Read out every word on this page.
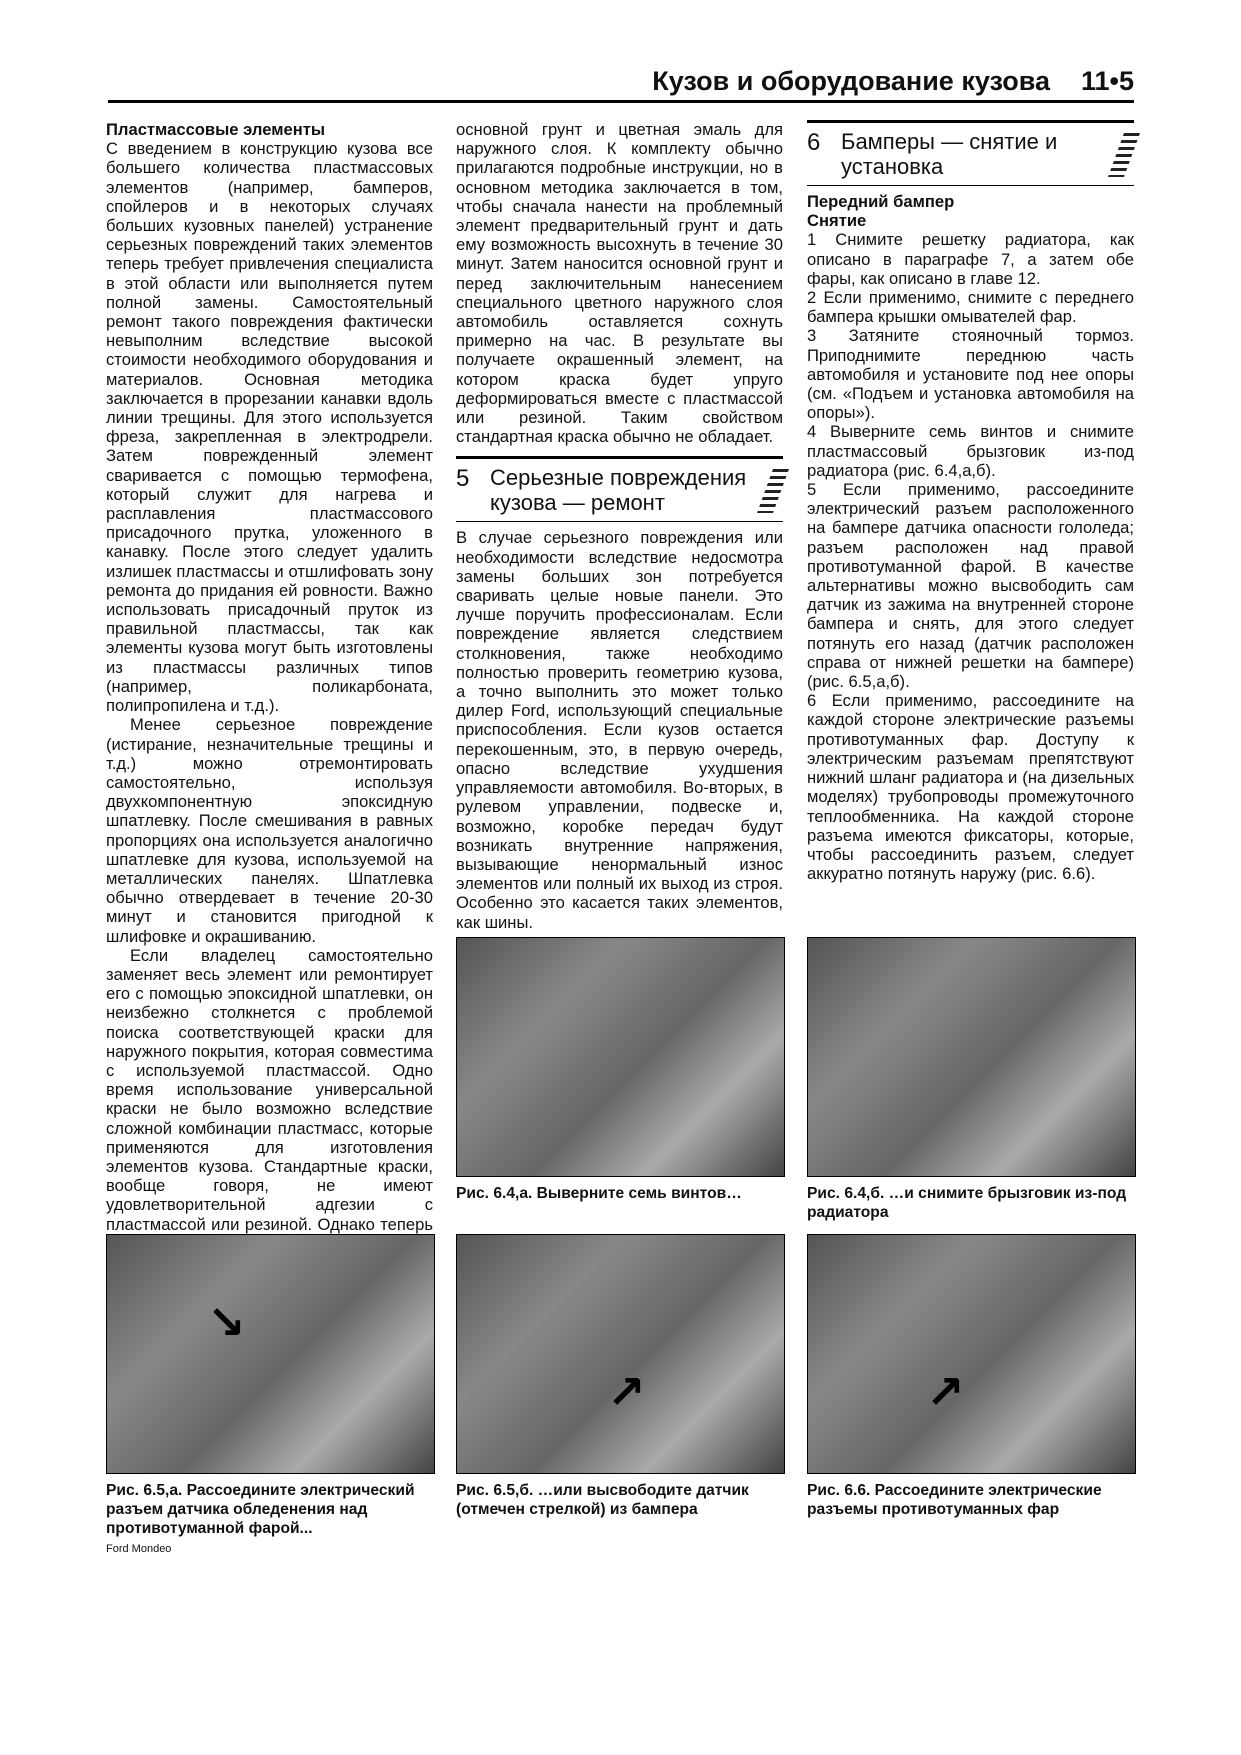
Кузов и оборудование кузова 11•5

Пластмассовые элементы

С введением в конструкцию кузова все большего количества пластмассовых элементов (например, бамперов, спойлеров и в некоторых случаях больших кузовных панелей) устранение серьезных повреждений таких элементов теперь требует привлечения специалиста в этой области или выполняется путем полной замены. Самостоятельный ремонт такого повреждения фактически невыполним вследствие высокой стоимости необходимого оборудования и материалов. Основная методика заключается в прорезании канавки вдоль линии трещины. Для этого используется фреза, закрепленная в электродрели. Затем поврежденный элемент сваривается с помощью термофена, который служит для нагрева и расплавления пластмассового присадочного прутка, уложенного в канавку. После этого следует удалить излишек пластмассы и отшлифовать зону ремонта до придания ей ровности. Важно использовать присадочный пруток из правильной пластмассы, так как элементы кузова могут быть изготовлены из пластмассы различных типов (например, поликарбоната, полипропилена и т.д.).

Менее серьезное повреждение (истирание, незначительные трещины и т.д.) можно отремонтировать самостоятельно, используя двухкомпонентную эпоксидную шпатлевку. После смешивания в равных пропорциях она используется аналогично шпатлевке для кузова, используемой на металлических панелях. Шпатлевка обычно отвердевает в течение 20-30 минут и становится пригодной к шлифовке и окрашиванию.

Если владелец самостоятельно заменяет весь элемент или ремонтирует его с помощью эпоксидной шпатлевки, он неизбежно столкнется с проблемой поиска соответствующей краски для наружного покрытия, которая совместима с используемой пластмассой. Одно время использование универсальной краски не было возможно вследствие сложной комбинации пластмасс, которые применяются для изготовления элементов кузова. Стандартные краски, вообще говоря, не имеют удовлетворительной адгезии с пластмассой или резиной. Однако теперь

основной грунт и цветная эмаль для наружного слоя. К комплекту обычно прилагаются подробные инструкции, но в основном методика заключается в том, чтобы сначала нанести на проблемный элемент предварительный грунт и дать ему возможность высохнуть в течение 30 минут. Затем наносится основной грунт и перед заключительным нанесением специального цветного наружного слоя автомобиль оставляется сохнуть примерно на час. В результате вы получаете окрашенный элемент, на котором краска будет упруго деформироваться вместе с пластмассой или резиной. Таким свойством стандартная краска обычно не обладает.

5 Серьезные повреждения кузова — ремонт

В случае серьезного повреждения или необходимости вследствие недосмотра замены больших зон потребуется сваривать целые новые панели. Это лучше поручить профессионалам. Если повреждение является следствием столкновения, также необходимо полностью проверить геометрию кузова, а точно выполнить это может только дилер Ford, использующий специальные приспособления. Если кузов остается перекошенным, это, в первую очередь, опасно вследствие ухудшения управляемости автомобиля. Во-вторых, в рулевом управлении, подвеске и, возможно, коробке передач будут возникать внутренние напряжения, вызывающие ненормальный износ элементов или полный их выход из строя. Особенно это касается таких элементов, как шины.

6 Бамперы — снятие и установка

Передний бампер

Снятие

1 Снимите решетку радиатора, как описано в параграфе 7, а затем обе фары, как описано в главе 12.

2 Если применимо, снимите с переднего бампера крышки омывателей фар.

3 Затяните стояночный тормоз. Приподнимите переднюю часть автомобиля и установите под нее опоры (см. «Подъем и установка автомобиля на опоры»).

4 Выверните семь винтов и снимите пластмассовый брызговик из-под радиатора (рис. 6.4,а,б).

5 Если применимо, рассоедините электрический разъем расположенного на бампере датчика опасности гололеда; разъем расположен над правой противотуманной фарой. В качестве альтернативы можно высвободить сам датчик из зажима на внутренней стороне бампера и снять, для этого следует потянуть его назад (датчик расположен справа от нижней решетки на бампере) (рис. 6.5,а,б).

6 Если применимо, рассоедините на каждой стороне электрические разъемы противотуманных фар. Доступу к электрическим разъемам препятствуют нижний шланг радиатора и (на дизельных моделях) трубопроводы промежуточного теплообменника. На каждой стороне разъема имеются фиксаторы, которые, чтобы рассоединить разъем, следует аккуратно потянуть наружу (рис. 6.6).

Рис. 6.4,а. Выверните семь винтов…	Рис. 6.4,б. …и снимите брызговик из-под радиатора
↘
Рис. 6.5,а. Рассоедините электрический разъем датчика обледенения над противотуманной фарой...
↗
Рис. 6.5,б. …или высвободите датчик (отмечен стрелкой) из бампера
↗
Рис. 6.6. Рассоедините электрические разъемы противотуманных фар
Ford Mondeo
